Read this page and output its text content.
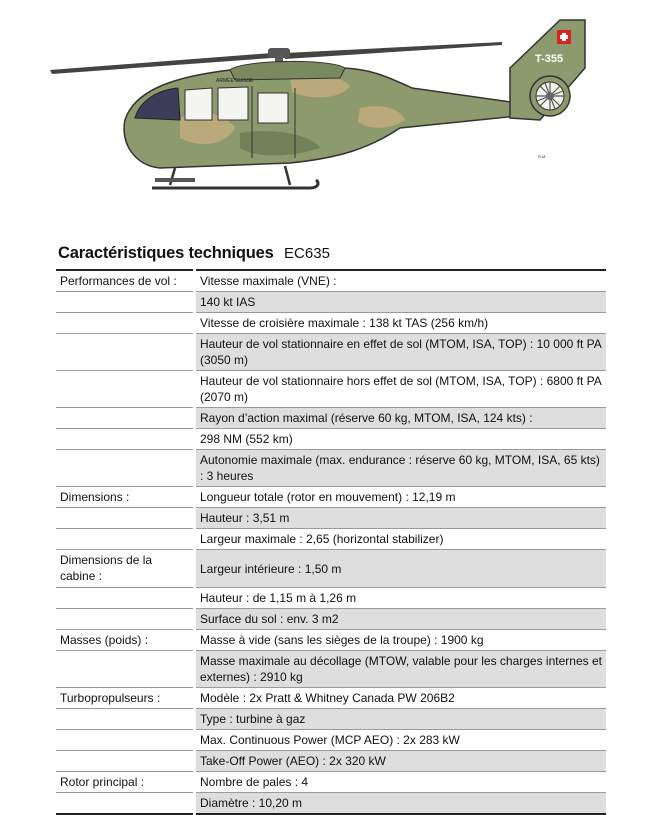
ARMÉE SUISSE
T-355
R.M.
Caractéristiques techniques EC635
Performances de vol :	Vitesse maximale (VNE) :
	140 kt IAS
	Vitesse de croisière maximale : 138 kt TAS (256 km/h)
	Hauteur de vol stationnaire en effet de sol (MTOM, ISA, TOP) : 10 000 ft PA (3050 m)
	Hauteur de vol stationnaire hors effet de sol (MTOM, ISA, TOP) : 6800 ft PA (2070 m)
	Rayon d’action maximal (réserve 60 kg, MTOM, ISA, 124 kts) :
	298 NM (552 km)
	Autonomie maximale (max. endurance : réserve 60 kg, MTOM, ISA, 65 kts) : 3 heures
Dimensions :	Longueur totale (rotor en mouvement) : 12,19 m
	Hauteur : 3,51 m
	Largeur maximale : 2,65 (horizontal stabilizer)
Dimensions de la cabine :	Largeur intérieure : 1,50 m
	Hauteur : de 1,15 m à 1,26 m
	Surface du sol : env. 3 m2
Masses (poids) :	Masse à vide (sans les sièges de la troupe) : 1900 kg
	Masse maximale au décollage (MTOW, valable pour les charges internes et externes) : 2910 kg
Turbopropulseurs :	Modèle : 2x Pratt & Whitney Canada PW 206B2
	Type : turbine à gaz
	Max. Continuous Power (MCP AEO) : 2x 283 kW
	Take-Off Power (AEO) : 2x 320 kW
Rotor principal :	Nombre de pales : 4
	Diamètre : 10,20 m
